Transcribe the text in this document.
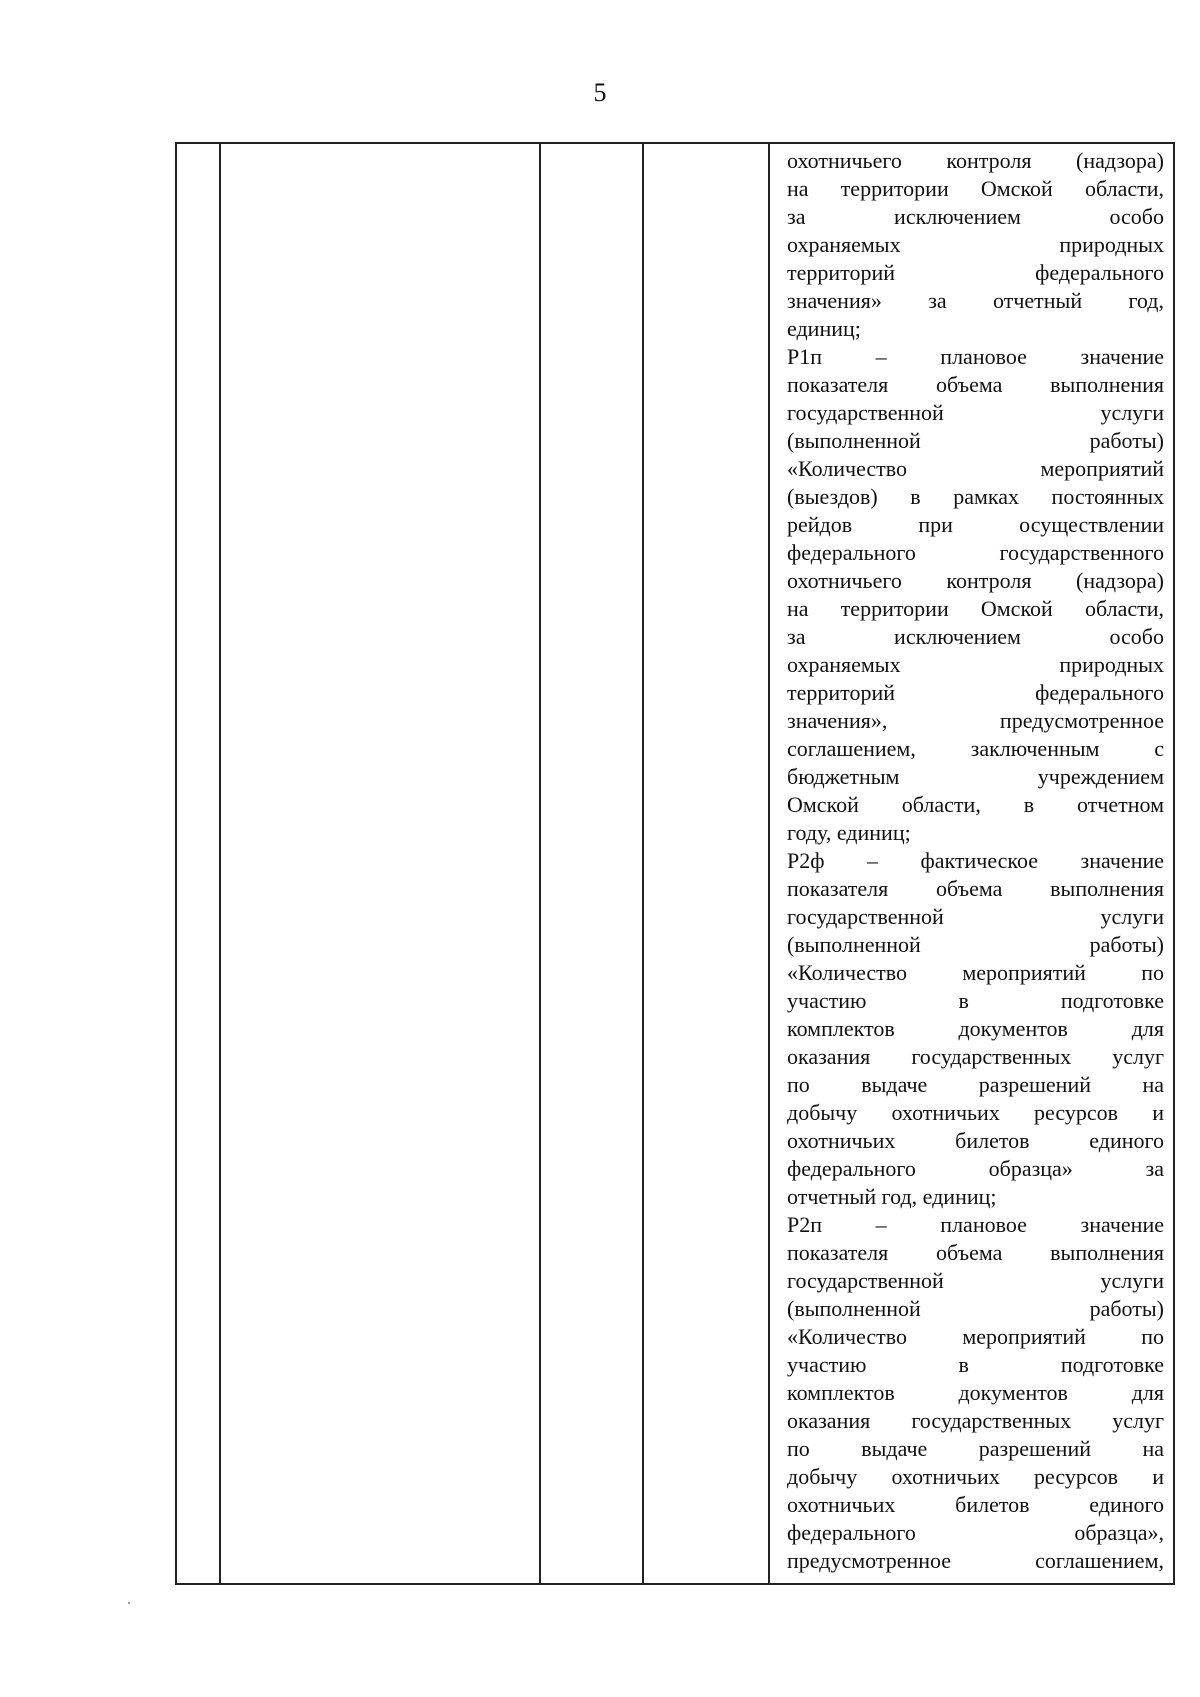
5

охотничьего контроля (надзора)
на территории Омской области,
за исключением особо
охраняемых природных
территорий федерального
значения» за отчетный год,
единиц;
Р1п – плановое значение
показателя объема выполнения
государственной услуги
(выполненной работы)
«Количество мероприятий
(выездов) в рамках постоянных
рейдов при осуществлении
федерального государственного
охотничьего контроля (надзора)
на территории Омской области,
за исключением особо
охраняемых природных
территорий федерального
значения», предусмотренное
соглашением, заключенным с
бюджетным учреждением
Омской области, в отчетном
году, единиц;
Р2ф – фактическое значение
показателя объема выполнения
государственной услуги
(выполненной работы)
«Количество мероприятий по
участию в подготовке
комплектов документов для
оказания государственных услуг
по выдаче разрешений на
добычу охотничьих ресурсов и
охотничьих билетов единого
федерального образца» за
отчетный год, единиц;
Р2п – плановое значение
показателя объема выполнения
государственной услуги
(выполненной работы)
«Количество мероприятий по
участию в подготовке
комплектов документов для
оказания государственных услуг
по выдаче разрешений на
добычу охотничьих ресурсов и
охотничьих билетов единого
федерального образца»,
предусмотренное соглашением,
